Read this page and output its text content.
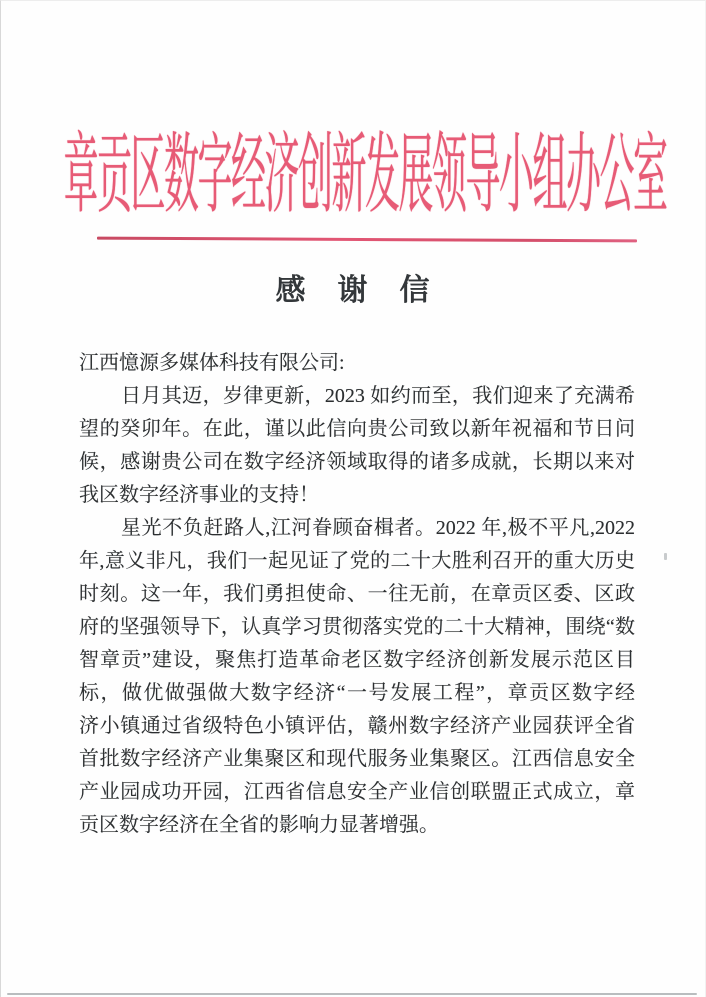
章贡区数字经济创新发展领导小组办公室
感　谢　信
江西憶源多媒体科技有限公司:
日月其迈，岁律更新，2023 如约而至，我们迎来了充满希
望的癸卯年。在此，谨以此信向贵公司致以新年祝福和节日问
候，感谢贵公司在数字经济领域取得的诸多成就，长期以来对
我区数字经济事业的支持！
星光不负赶路人,江河眷顾奋楫者。2022 年,极不平凡,2022
年,意义非凡，我们一起见证了党的二十大胜利召开的重大历史
时刻。这一年，我们勇担使命、一往无前，在章贡区委、区政
府的坚强领导下，认真学习贯彻落实党的二十大精神，围绕“数
智章贡”建设，聚焦打造革命老区数字经济创新发展示范区目
标，做优做强做大数字经济“一号发展工程”，章贡区数字经
济小镇通过省级特色小镇评估，赣州数字经济产业园获评全省
首批数字经济产业集聚区和现代服务业集聚区。江西信息安全
产业园成功开园，江西省信息安全产业信创联盟正式成立，章
贡区数字经济在全省的影响力显著增强。
